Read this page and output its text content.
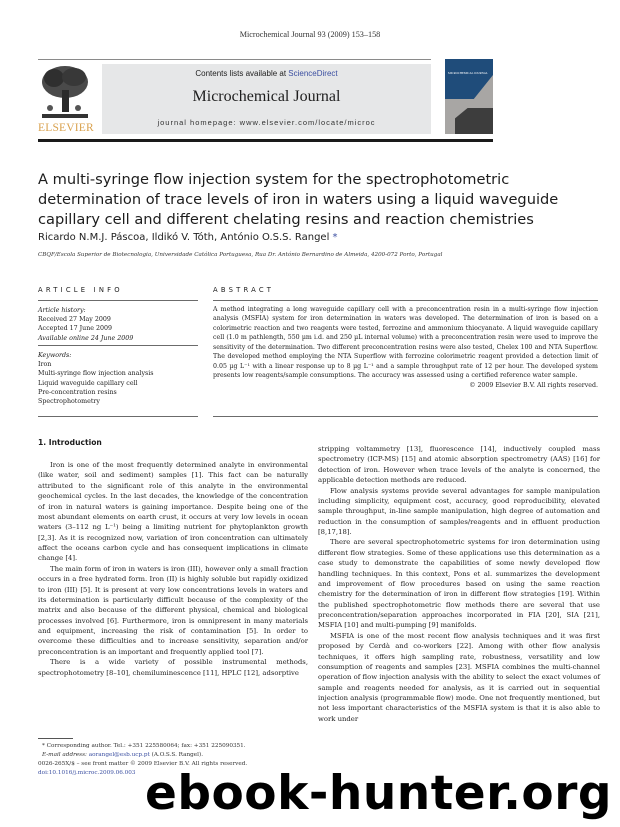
Microchemical Journal 93 (2009) 153–158
ELSEVIER
Contents lists available at ScienceDirect
Microchemical Journal
journal homepage: www.elsevier.com/locate/microc
MICROCHEMICAL JOURNAL
A multi-syringe flow injection system for the spectrophotometric determination of trace levels of iron in waters using a liquid waveguide capillary cell and different chelating resins and reaction chemistries
Ricardo N.M.J. Páscoa, Ildikó V. Tóth, António O.S.S. Rangel *
CBQF/Escola Superior de Biotecnologia, Universidade Católica Portuguesa, Rua Dr. António Bernardino de Almeida, 4200-072 Porto, Portugal
ARTICLE INFO
Article history:
Received 27 May 2009
Accepted 17 June 2009
Available online 24 June 2009
Keywords:
Iron
Multi-syringe flow injection analysis
Liquid waveguide capillary cell
Pre-concentration resins
Spectrophotometry
ABSTRACT
A method integrating a long waveguide capillary cell with a preconcentration resin in a multi-syringe flow injection analysis (MSFIA) system for iron determination in waters was developed. The determination of iron is based on a colorimetric reaction and two reagents were tested, ferrozine and ammonium thiocyanate. A liquid waveguide capillary cell (1.0 m pathlength, 550 µm i.d. and 250 µL internal volume) with a preconcentration resin were used to improve the sensitivity of the determination. Two different preconcentration resins were also tested, Chelex 100 and NTA Superflow. The developed method employing the NTA Superflow with ferrozine colorimetric reagent provided a detection limit of 0.05 µg L⁻¹ with a linear response up to 8 µg L⁻¹ and a sample throughput rate of 12 per hour. The developed system presents low reagents/sample consumptions. The accuracy was assessed using a certified reference water sample.
© 2009 Elsevier B.V. All rights reserved.
1. Introduction

Iron is one of the most frequently determined analyte in environmental (like water, soil and sediment) samples [1]. This fact can be naturally attributed to the significant role of this analyte in the environmental geochemical cycles. In the last decades, the knowledge of the concentration of iron in natural waters is gaining importance. Despite being one of the most abundant elements on earth crust, it occurs at very low levels in ocean waters (3–112 ng L⁻¹) being a limiting nutrient for phytoplankton growth [2,3]. As it is recognized now, variation of iron concentration can ultimately affect the oceans carbon cycle and has consequent implications in climate change [4].

The main form of iron in waters is iron (III), however only a small fraction occurs in a free hydrated form. Iron (II) is highly soluble but rapidly oxidized to iron (III) [5]. It is present at very low concentrations levels in waters and its determination is particularly difficult because of the complexity of the matrix and also because of the different physical, chemical and biological processes involved [6]. Furthermore, iron is omnipresent in many materials and equipment, increasing the risk of contamination [5]. In order to overcome these difficulties and to increase sensitivity, separation and/or preconcentration is an important and frequently applied tool [7].

There is a wide variety of possible instrumental methods, spectrophotometry [8–10], chemiluminescence [11], HPLC [12], adsorptive

stripping voltammetry [13], fluorescence [14], inductively coupled mass spectrometry (ICP-MS) [15] and atomic absorption spectrometry (AAS) [16] for detection of iron. However when trace levels of the analyte is concerned, the applicable detection methods are reduced.

Flow analysis systems provide several advantages for sample manipulation including simplicity, equipment cost, accuracy, good reproducibility, elevated sample throughput, in-line sample manipulation, high degree of automation and reduction in the consumption of samples/reagents and in effluent production [8,17,18].

There are several spectrophotometric systems for iron determination using different flow strategies. Some of these applications use this determination as a case study to demonstrate the capabilities of some newly developed flow handling techniques. In this context, Pons et al. summarizes the development and improvement of flow procedures based on using the same reaction chemistry for the determination of iron in different flow strategies [19]. Within the published spectrophotometric flow methods there are several that use preconcentration/separation approaches incorporated in FIA [20], SIA [21], MSFIA [10] and multi-pumping [9] manifolds.

MSFIA is one of the most recent flow analysis techniques and it was first proposed by Cerdà and co-workers [22]. Among with other flow analysis techniques, it offers high sampling rate, robustness, versatility and low consumption of reagents and samples [23]. MSFIA combines the multi-channel operation of flow injection analysis with the ability to select the exact volumes of sample and reagents needed for analysis, as it is carried out in sequential injection analysis (programmable flow) mode. One not frequently mentioned, but not less important characteristics of the MSFIA system is that it is also able to work under

* Corresponding author. Tel.: +351 225580064; fax: +351 225090351.
E-mail address: aorangel@esb.ucp.pt (A.O.S.S. Rangel).
0026-265X/$ – see front matter © 2009 Elsevier B.V. All rights reserved.
doi:10.1016/j.microc.2009.06.003 ebook-hunter.org
